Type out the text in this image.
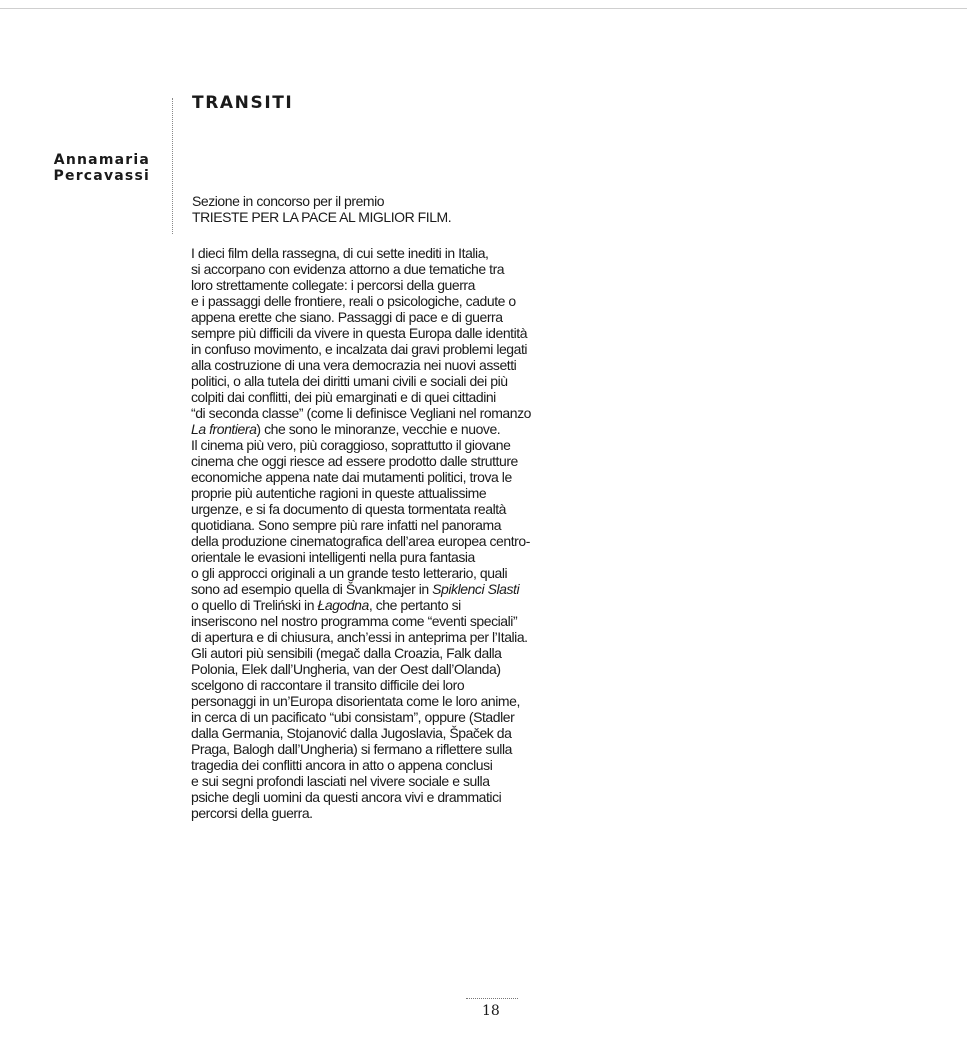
TRANSITI
Annamaria
Percavassi
Sezione in concorso per il premio
TRIESTE PER LA PACE AL MIGLIOR FILM.
I dieci film della rassegna, di cui sette inediti in Italia,
si accorpano con evidenza attorno a due tematiche tra
loro strettamente collegate: i percorsi della guerra
e i passaggi delle frontiere, reali o psicologiche, cadute o
appena erette che siano. Passaggi di pace e di guerra
sempre più difficili da vivere in questa Europa dalle identità
in confuso movimento, e incalzata dai gravi problemi legati
alla costruzione di una vera democrazia nei nuovi assetti
politici, o alla tutela dei diritti umani civili e sociali dei più
colpiti dai conflitti, dei più emarginati e di quei cittadini
“di seconda classe” (come li definisce Vegliani nel romanzo
La frontiera) che sono le minoranze, vecchie e nuove.
Il cinema più vero, più coraggioso, soprattutto il giovane
cinema che oggi riesce ad essere prodotto dalle strutture
economiche appena nate dai mutamenti politici, trova le
proprie più autentiche ragioni in queste attualissime
urgenze, e si fa documento di questa tormentata realtà
quotidiana. Sono sempre più rare infatti nel panorama
della produzione cinematografica dell’area europea centro-
orientale le evasioni intelligenti nella pura fantasia
o gli approcci originali a un grande testo letterario, quali
sono ad esempio quella di Švankmajer in Spiklenci Slasti
o quello di Treliński in Łagodna, che pertanto si
inseriscono nel nostro programma come “eventi speciali”
di apertura e di chiusura, anch’essi in anteprima per l’Italia.
Gli autori più sensibili (megač dalla Croazia, Falk dalla
Polonia, Elek dall’Ungheria, van der Oest dall’Olanda)
scelgono di raccontare il transito difficile dei loro
personaggi in un’Europa disorientata come le loro anime,
in cerca di un pacificato “ubi consistam”, oppure (Stadler
dalla Germania, Stojanović dalla Jugoslavia, Špaček da
Praga, Balogh dall’Ungheria) si fermano a riflettere sulla
tragedia dei conflitti ancora in atto o appena conclusi
e sui segni profondi lasciati nel vivere sociale e sulla
psiche degli uomini da questi ancora vivi e drammatici
percorsi della guerra.
18
